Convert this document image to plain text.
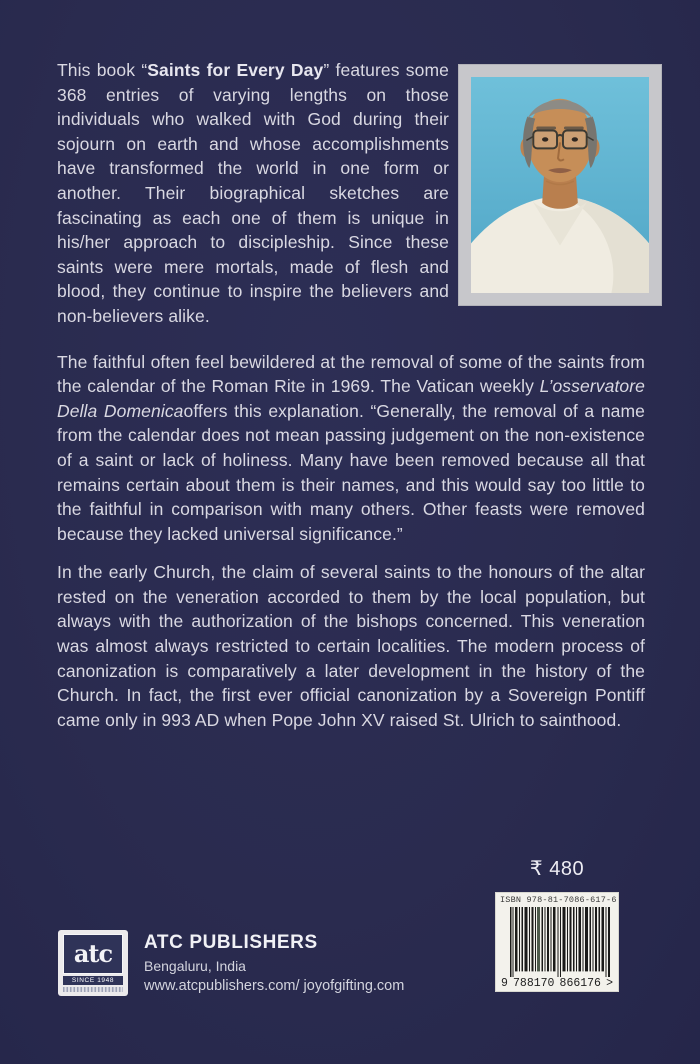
This book “Saints for Every Day” features some 368 entries of varying lengths on those individuals who walked with God during their sojourn on earth and whose accomplishments have transformed the world in one form or another. Their biographical sketches are fascinating as each one of them is unique in his/her approach to discipleship. Since these saints were mere mortals, made of flesh and blood, they continue to inspire the believers and non-believers alike.

The faithful often feel bewildered at the removal of some of the saints from the calendar of the Roman Rite in 1969. The Vatican weekly L’osservatore Della Domenicaoffers this explanation. “Generally, the removal of a name from the calendar does not mean passing judgement on the non-existence of a saint or lack of holiness. Many have been removed because all that remains certain about them is their names, and this would say too little to the faithful in comparison with many others. Other feasts were removed because they lacked universal significance.”

In the early Church, the claim of several saints to the honours of the altar rested on the veneration accorded to them by the local population, but always with the authorization of the bishops concerned. This veneration was almost always restricted to certain localities. The modern process of canonization is comparatively a later development in the history of the Church. In fact, the first ever official canonization by a Sovereign Pontiff came only in 993 AD when Pope John XV raised St. Ulrich to sainthood.

₹ 480
ISBN 978-81-7086-617-6
9 788170 866176 >
atc
SINCE 1948
ATC PUBLISHERS
Bengaluru, India
www.atcpublishers.com/ joyofgifting.com
